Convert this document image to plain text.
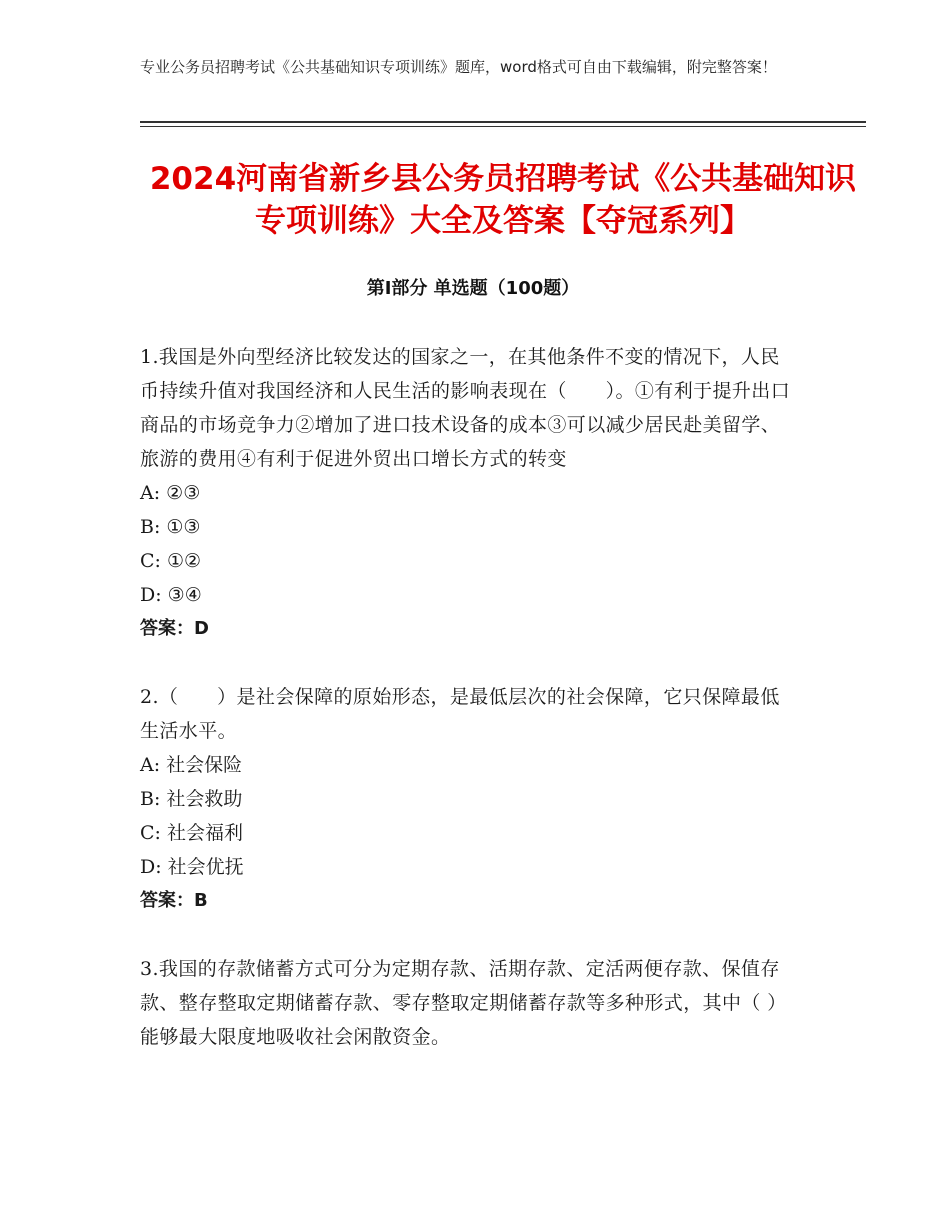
专业公务员招聘考试《公共基础知识专项训练》题库，word格式可自由下载编辑，附完整答案！
2024河南省新乡县公务员招聘考试《公共基础知识专项训练》大全及答案【夺冠系列】
第Ⅰ部分 单选题（100题）
1.我国是外向型经济比较发达的国家之一，在其他条件不变的情况下，人民币持续升值对我国经济和人民生活的影响表现在（　　）。①有利于提升出口商品的市场竞争力②增加了进口技术设备的成本③可以减少居民赴美留学、旅游的费用④有利于促进外贸出口增长方式的转变
A: ②③
B: ①③
C: ①②
D: ③④
答案：D
2.（　　）是社会保障的原始形态，是最低层次的社会保障，它只保障最低生活水平。
A: 社会保险
B: 社会救助
C: 社会福利
D: 社会优抚
答案：B
3.我国的存款储蓄方式可分为定期存款、活期存款、定活两便存款、保值存款、整存整取定期储蓄存款、零存整取定期储蓄存款等多种形式，其中（ ）能够最大限度地吸收社会闲散资金。
